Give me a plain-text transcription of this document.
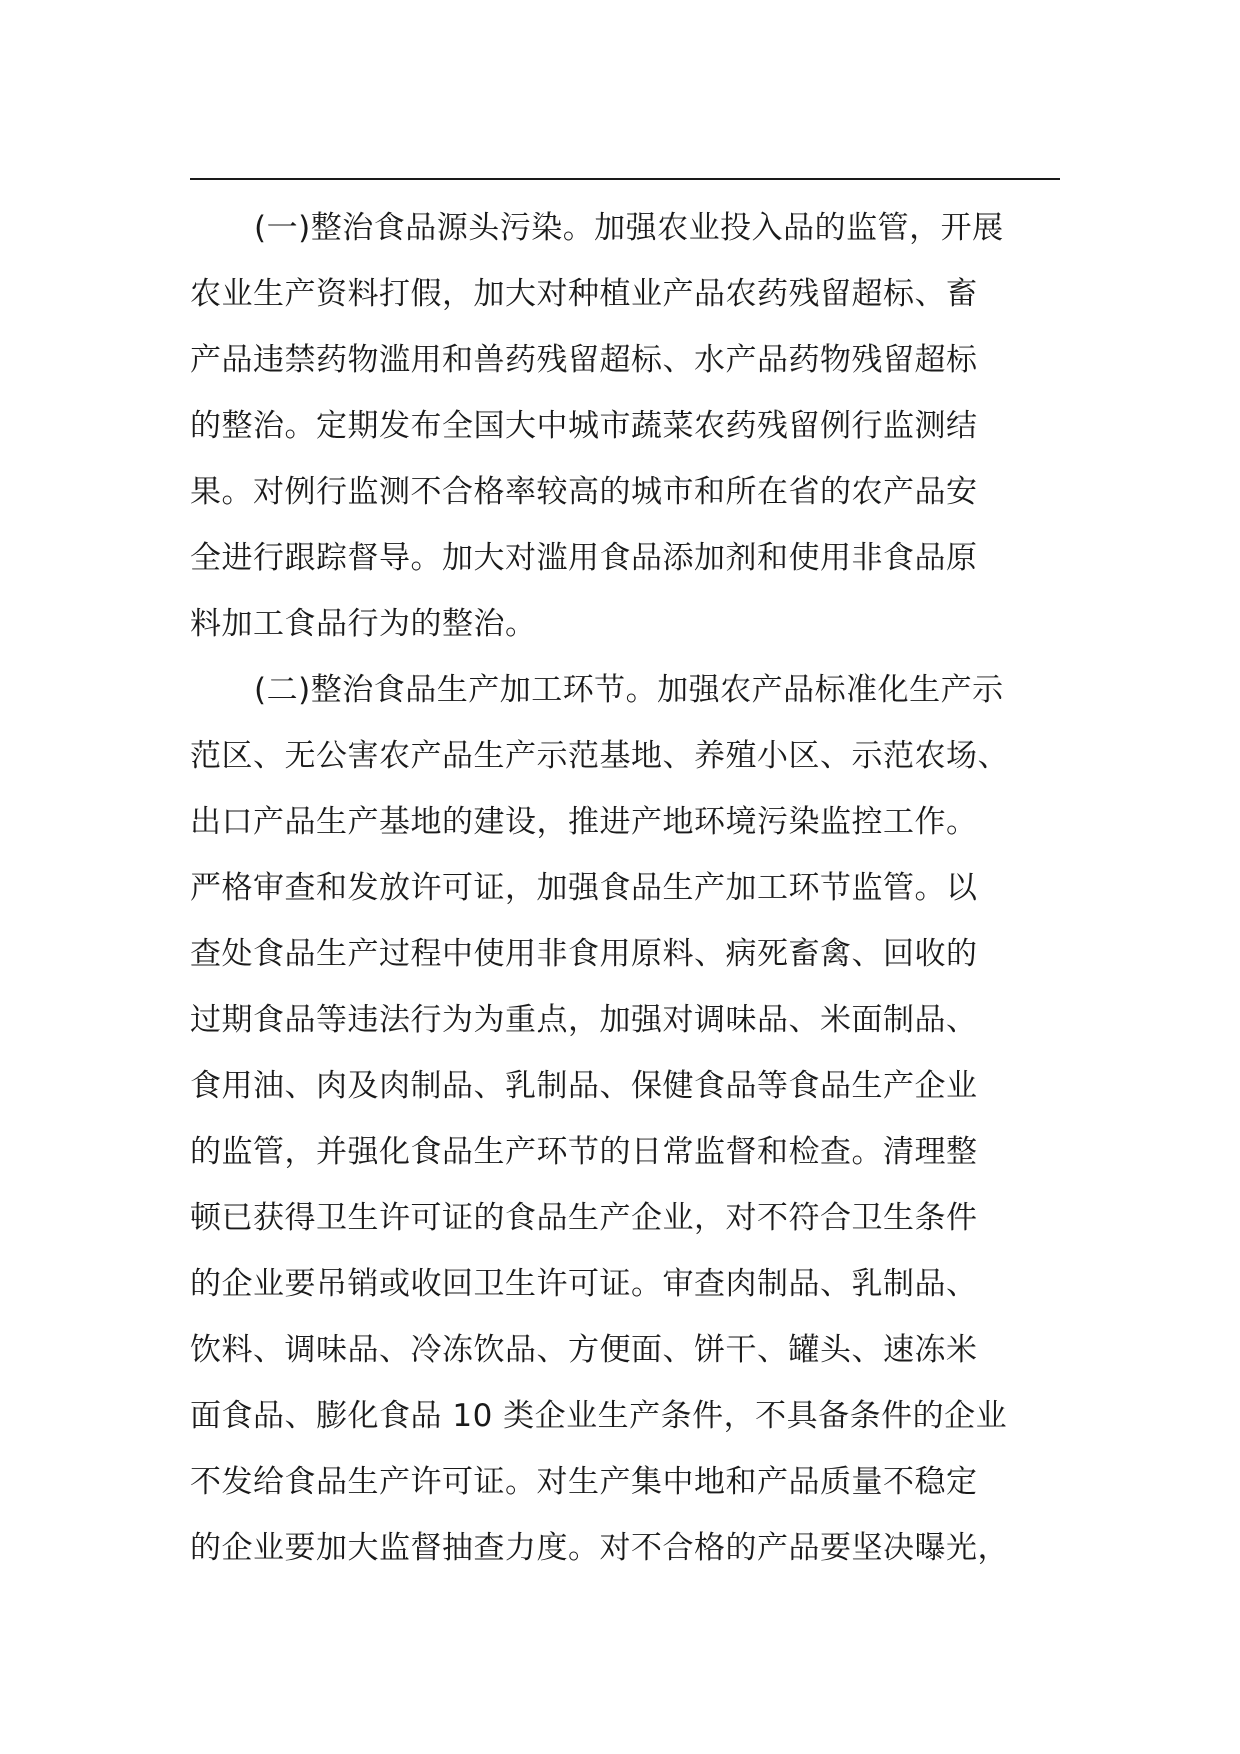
(一)整治食品源头污染。加强农业投入品的监管，开展
农业生产资料打假，加大对种植业产品农药残留超标、畜
产品违禁药物滥用和兽药残留超标、水产品药物残留超标
的整治。定期发布全国大中城市蔬菜农药残留例行监测结
果。对例行监测不合格率较高的城市和所在省的农产品安
全进行跟踪督导。加大对滥用食品添加剂和使用非食品原
料加工食品行为的整治。
(二)整治食品生产加工环节。加强农产品标准化生产示
范区、无公害农产品生产示范基地、养殖小区、示范农场、
出口产品生产基地的建设，推进产地环境污染监控工作。
严格审查和发放许可证，加强食品生产加工环节监管。以
查处食品生产过程中使用非食用原料、病死畜禽、回收的
过期食品等违法行为为重点，加强对调味品、米面制品、
食用油、肉及肉制品、乳制品、保健食品等食品生产企业
的监管，并强化食品生产环节的日常监督和检查。清理整
顿已获得卫生许可证的食品生产企业，对不符合卫生条件
的企业要吊销或收回卫生许可证。审查肉制品、乳制品、
饮料、调味品、冷冻饮品、方便面、饼干、罐头、速冻米
面食品、膨化食品 10 类企业生产条件，不具备条件的企业
不发给食品生产许可证。对生产集中地和产品质量不稳定
的企业要加大监督抽查力度。对不合格的产品要坚决曝光，
